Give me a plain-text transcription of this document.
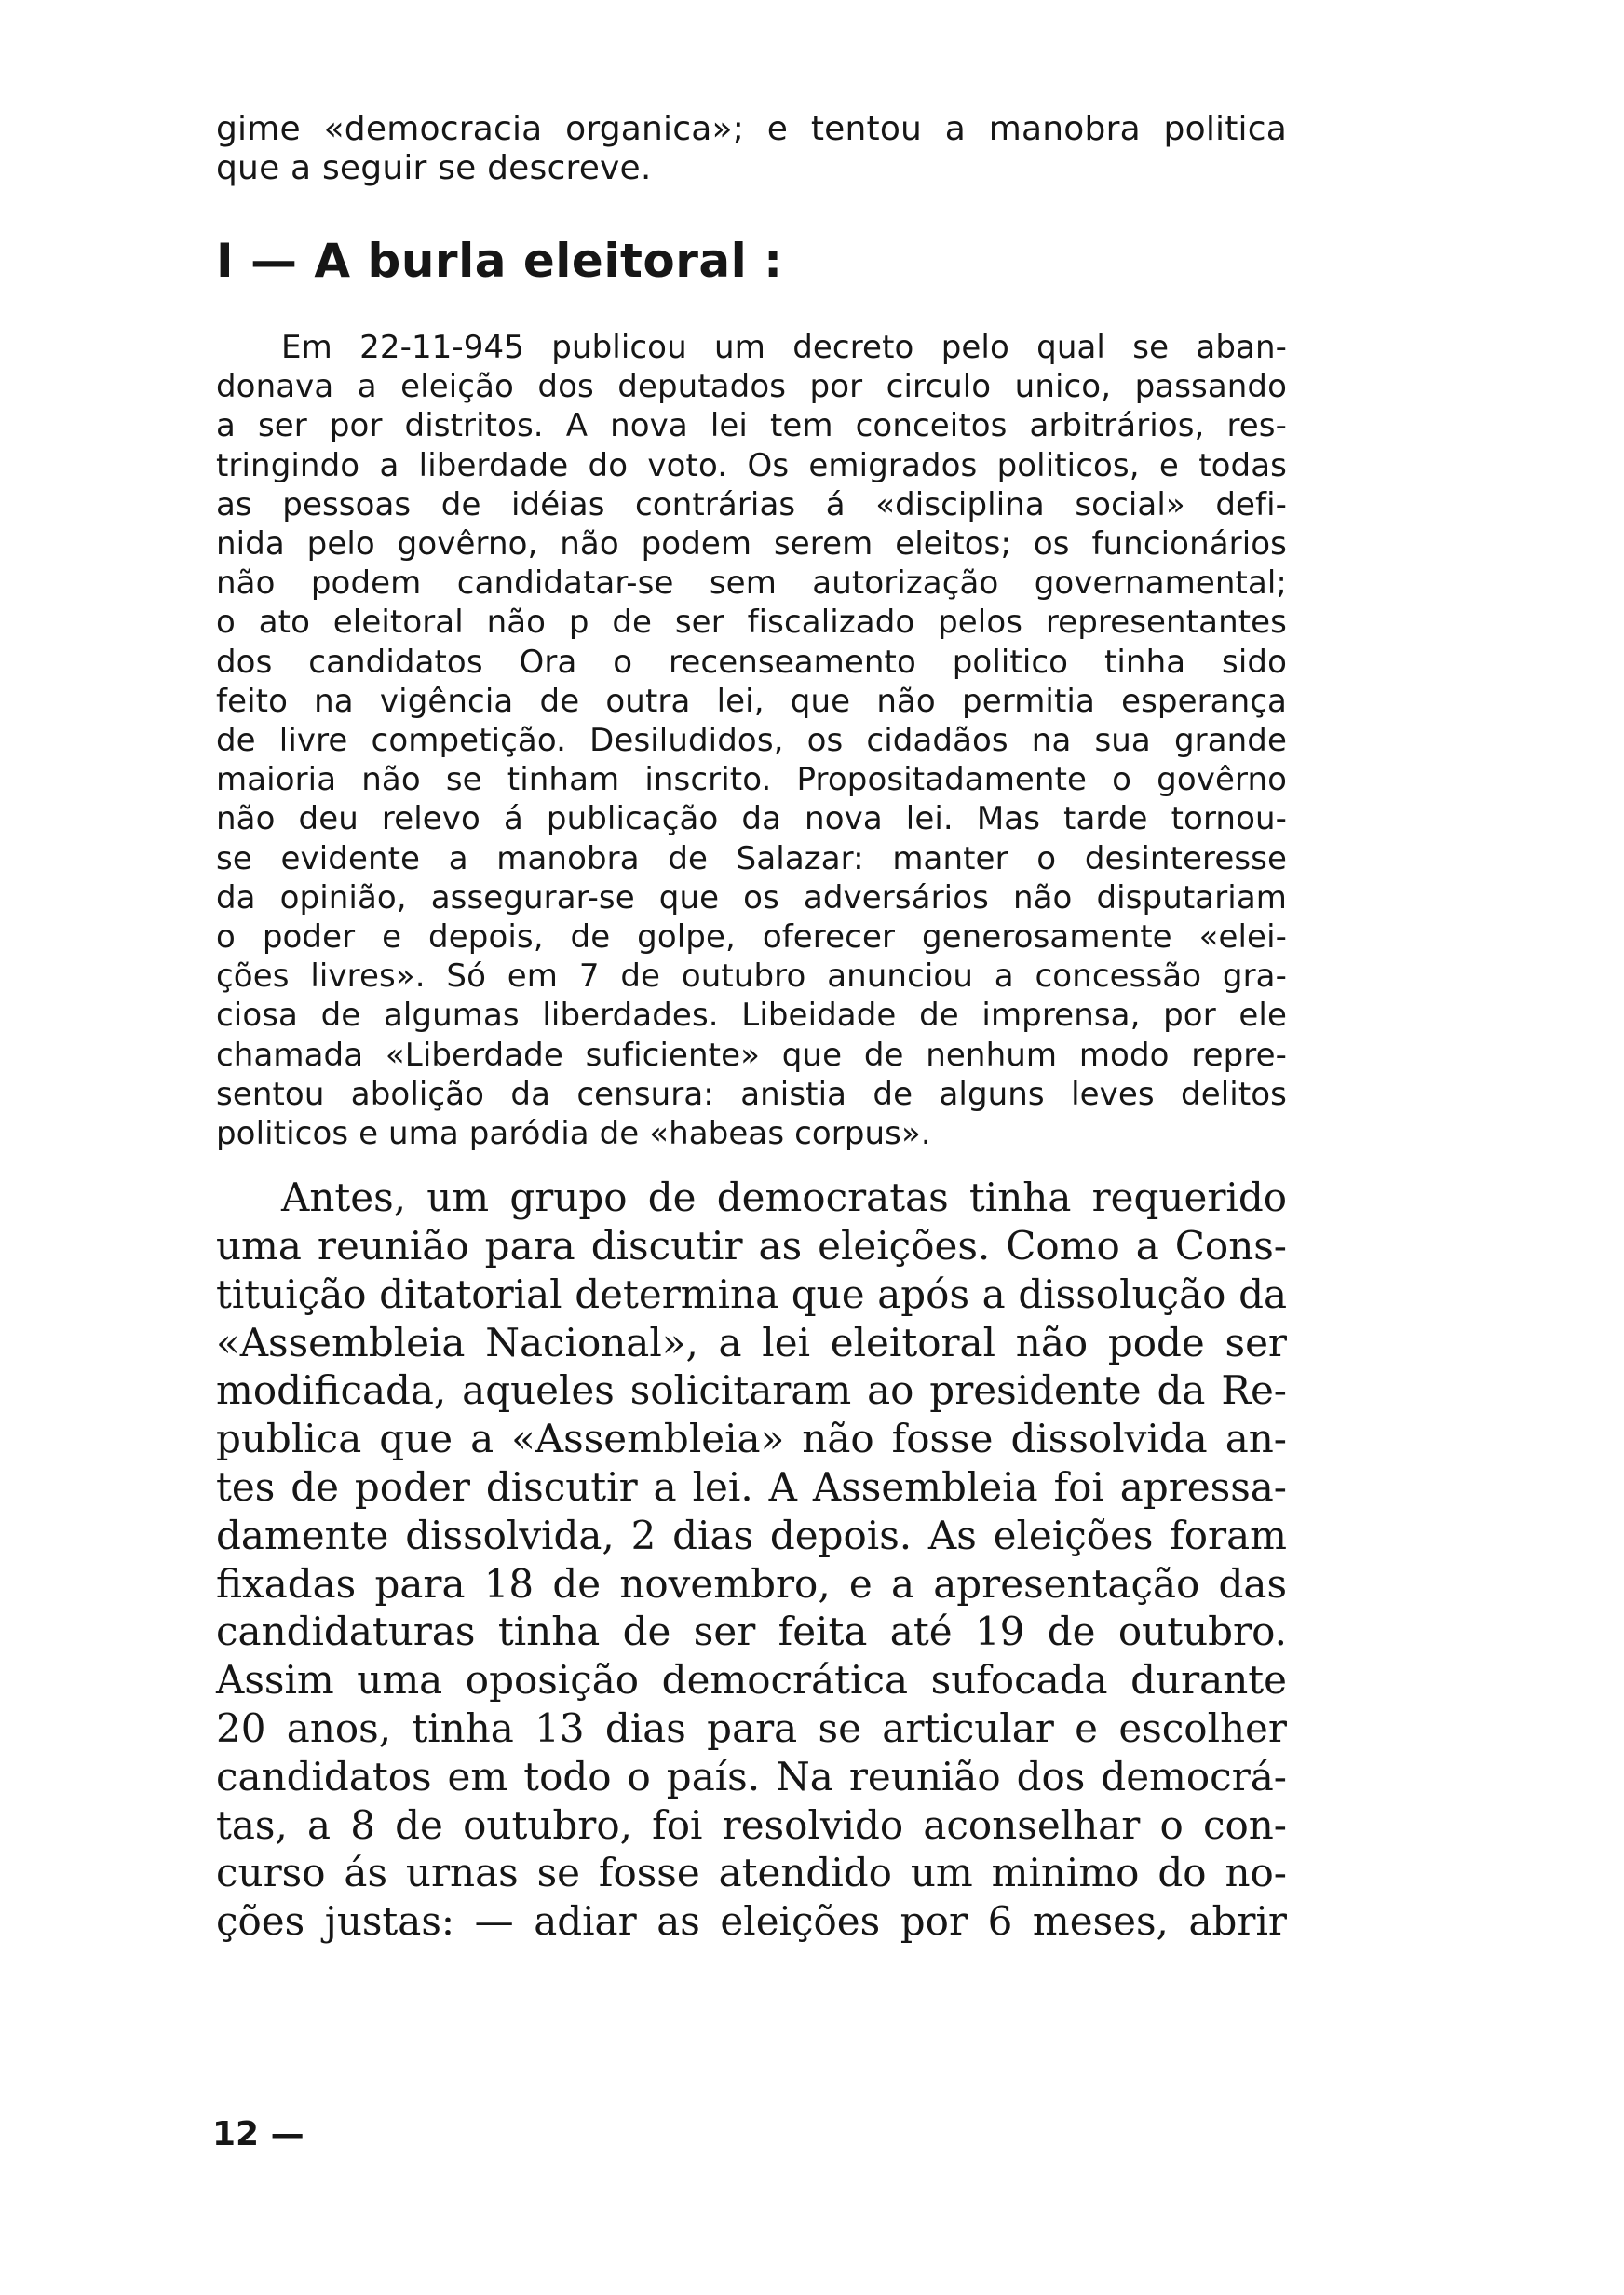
gime «democracia organica»; e tentou a manobra politica
que a seguir se descreve.
I — A burla eleitoral :
Em 22-11-945 publicou um decreto pelo qual se aban-
donava a eleição dos deputados por circulo unico, passando
a ser por distritos. A nova lei tem conceitos arbitrários, res-
tringindo a liberdade do voto. Os emigrados politicos, e todas
as pessoas de idéias contrárias á «disciplina social» defi-
nida pelo govêrno, não podem serem eleitos; os funcionários
não podem candidatar-se sem autorização governamental;
o ato eleitoral não p de ser fiscalizado pelos representantes
dos candidatos Ora o recenseamento politico tinha sido
feito na vigência de outra lei, que não permitia esperança
de livre competição. Desiludidos, os cidadãos na sua grande
maioria não se tinham inscrito. Propositadamente o govêrno
não deu relevo á publicação da nova lei. Mas tarde tornou-
se evidente a manobra de Salazar: manter o desinteresse
da opinião, assegurar-se que os adversários não disputariam
o poder e depois, de golpe, oferecer generosamente «elei-
ções livres». Só em 7 de outubro anunciou a concessão gra-
ciosa de algumas liberdades. Libeidade de imprensa, por ele
chamada «Liberdade suficiente» que de nenhum modo repre-
sentou abolição da censura: anistia de alguns leves delitos
politicos e uma paródia de «habeas corpus».
Antes, um grupo de democratas tinha requerido
uma reunião para discutir as eleições. Como a Cons-
tituição ditatorial determina que após a dissolução da
«Assembleia Nacional», a lei eleitoral não pode ser
modificada, aqueles solicitaram ao presidente da Re-
publica que a «Assembleia» não fosse dissolvida an-
tes de poder discutir a lei. A Assembleia foi apressa-
damente dissolvida, 2 dias depois. As eleições foram
fixadas para 18 de novembro, e a apresentação das
candidaturas tinha de ser feita até 19 de outubro.
Assim uma oposição democrática sufocada durante
20 anos, tinha 13 dias para se articular e escolher
candidatos em todo o país. Na reunião dos democrá-
tas, a 8 de outubro, foi resolvido aconselhar o con-
curso ás urnas se fosse atendido um minimo do no-
ções justas: — adiar as eleições por 6 meses, abrir
12 —
